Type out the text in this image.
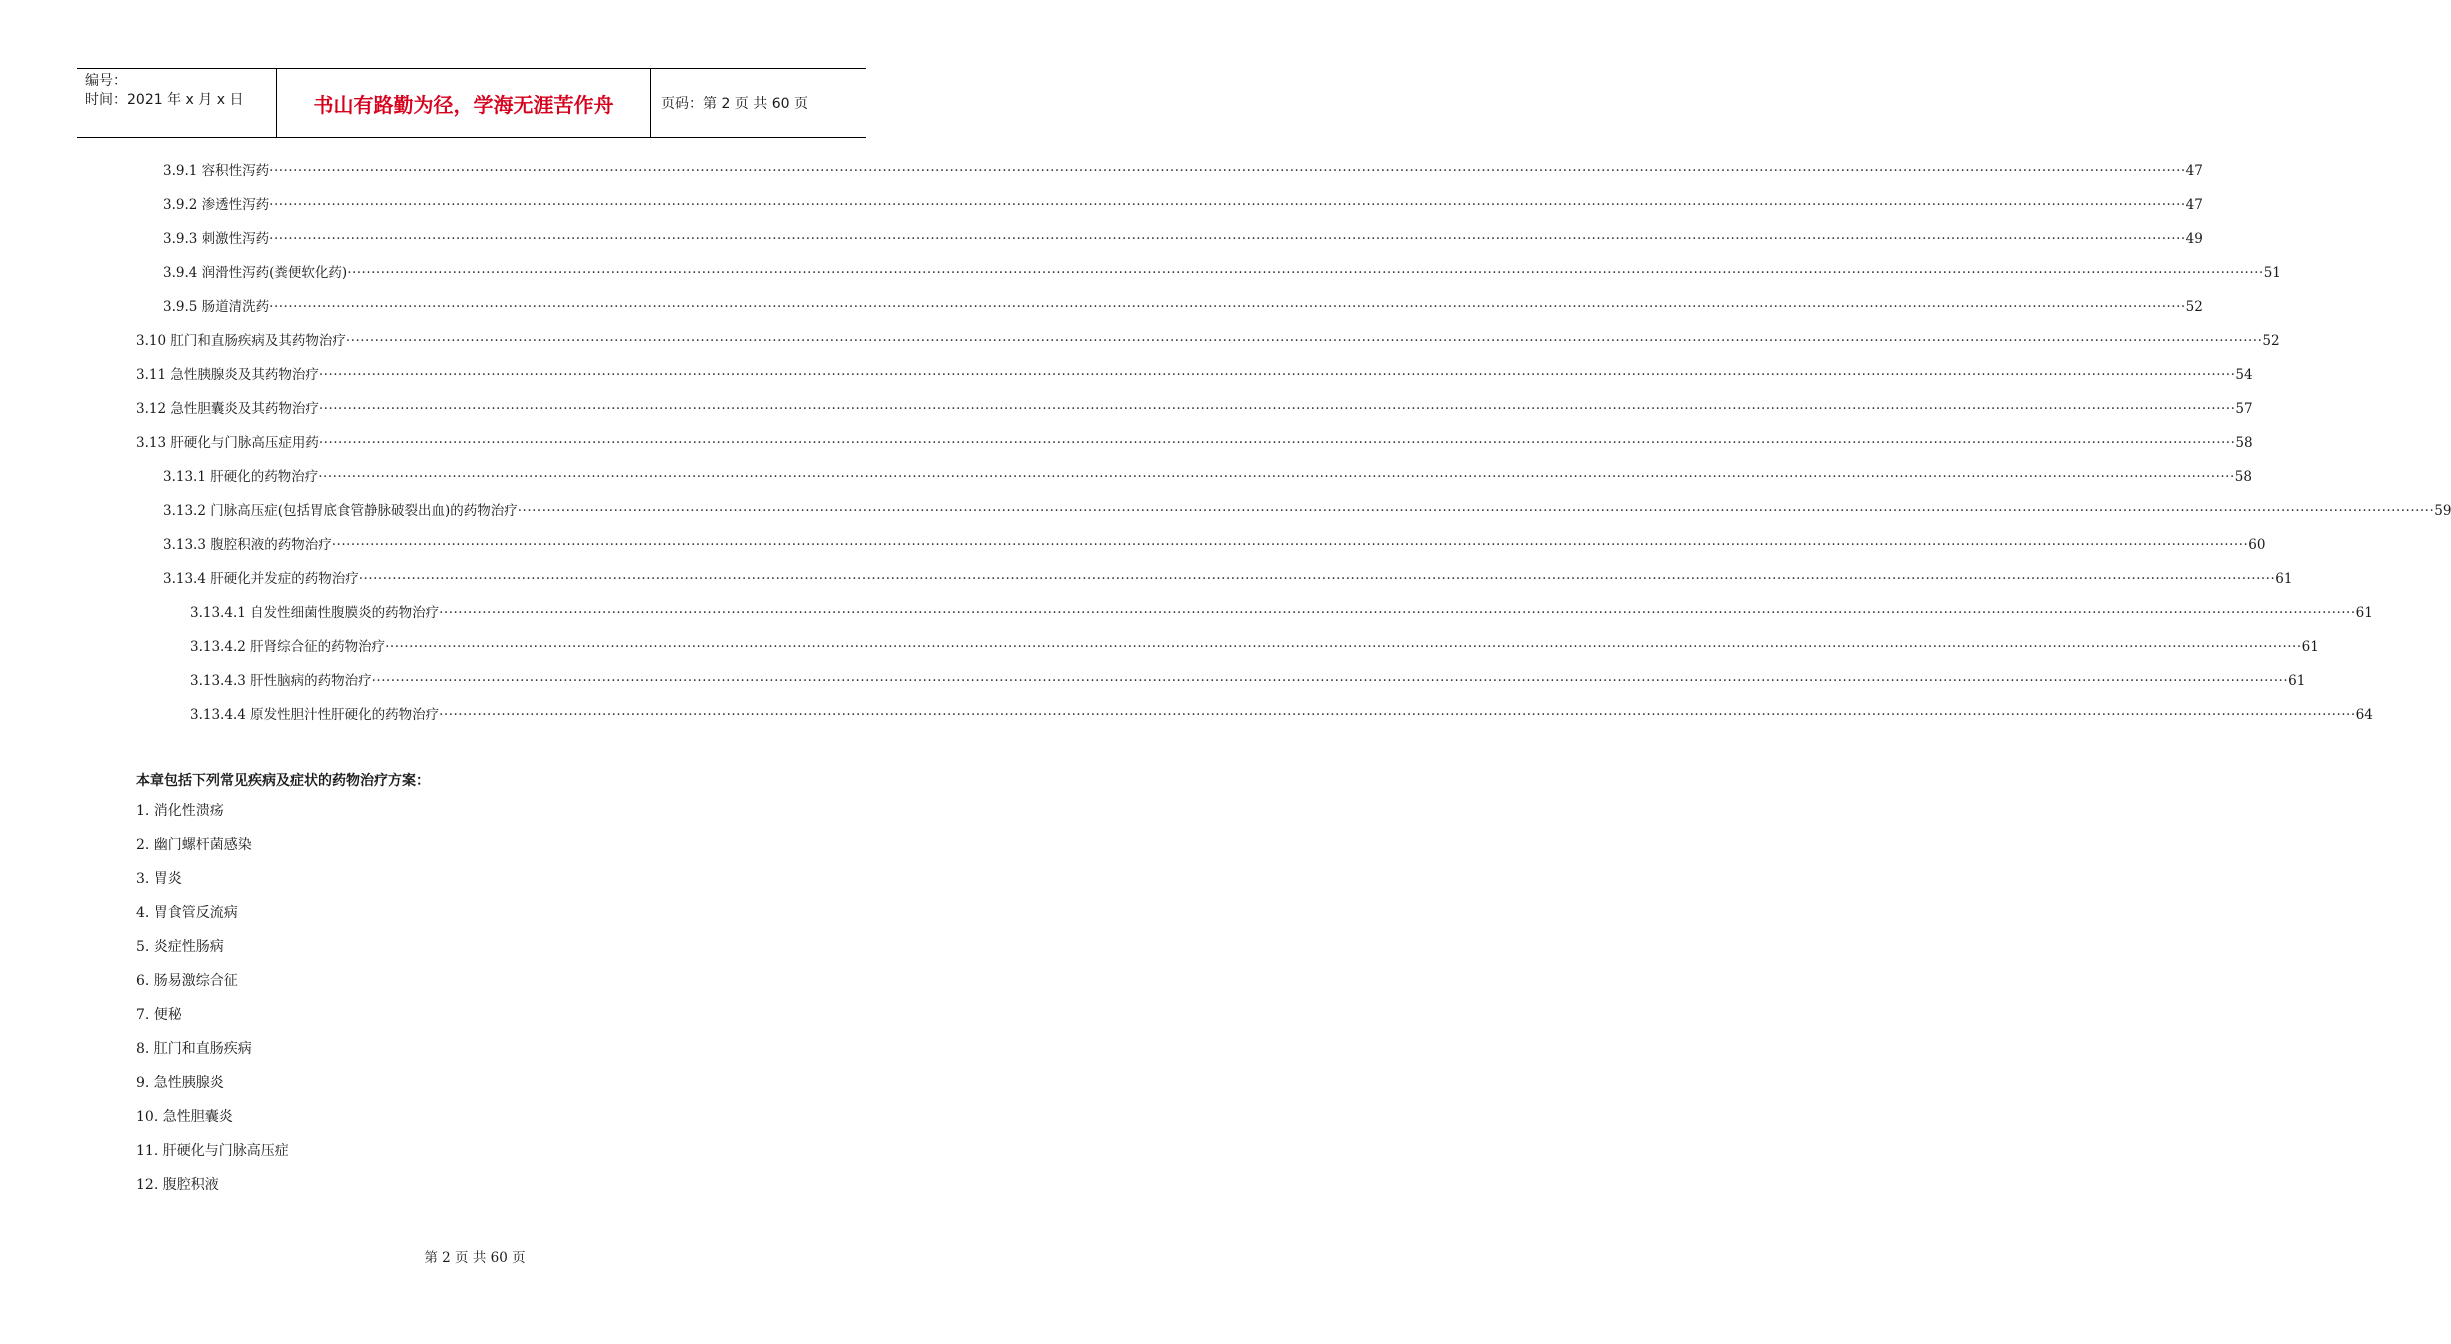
编号：
时间：2021 年 x 月 x 日	书山有路勤为径，学海无涯苦作舟	页码：第 2 页 共 60 页
3.9.1 容积性泻药 ················································································································································································································································································································································································································ 47
3.9.2 渗透性泻药 ················································································································································································································································································································································································································ 47
3.9.3 刺激性泻药 ················································································································································································································································································································································································································ 49
3.9.4 润滑性泻药(粪便软化药) ················································································································································································································································································································································································································ 51
3.9.5 肠道清洗药 ················································································································································································································································································································································································································ 52
3.10 肛门和直肠疾病及其药物治疗 ················································································································································································································································································································································································································ 52
3.11 急性胰腺炎及其药物治疗 ················································································································································································································································································································································································································ 54
3.12 急性胆囊炎及其药物治疗 ················································································································································································································································································································································································································ 57
3.13 肝硬化与门脉高压症用药 ················································································································································································································································································································································································································ 58
3.13.1 肝硬化的药物治疗 ················································································································································································································································································································································································································ 58
3.13.2 门脉高压症(包括胃底食管静脉破裂出血)的药物治疗 ················································································································································································································································································································································································································ 59
3.13.3 腹腔积液的药物治疗 ················································································································································································································································································································································································································ 60
3.13.4 肝硬化并发症的药物治疗 ················································································································································································································································································································································································································ 61
3.13.4.1 自发性细菌性腹膜炎的药物治疗 ················································································································································································································································································································································································································ 61
3.13.4.2 肝肾综合征的药物治疗 ················································································································································································································································································································································································································ 61
3.13.4.3 肝性脑病的药物治疗 ················································································································································································································································································································································································································ 61
3.13.4.4 原发性胆汁性肝硬化的药物治疗 ················································································································································································································································································································································································································ 64
本章包括下列常见疾病及症状的药物治疗方案：
1. 消化性溃疡
2. 幽门螺杆菌感染
3. 胃炎
4. 胃食管反流病
5. 炎症性肠病
6. 肠易激综合征
7. 便秘
8. 肛门和直肠疾病
9. 急性胰腺炎
10. 急性胆囊炎
11. 肝硬化与门脉高压症
12. 腹腔积液
第 2 页 共 60 页
